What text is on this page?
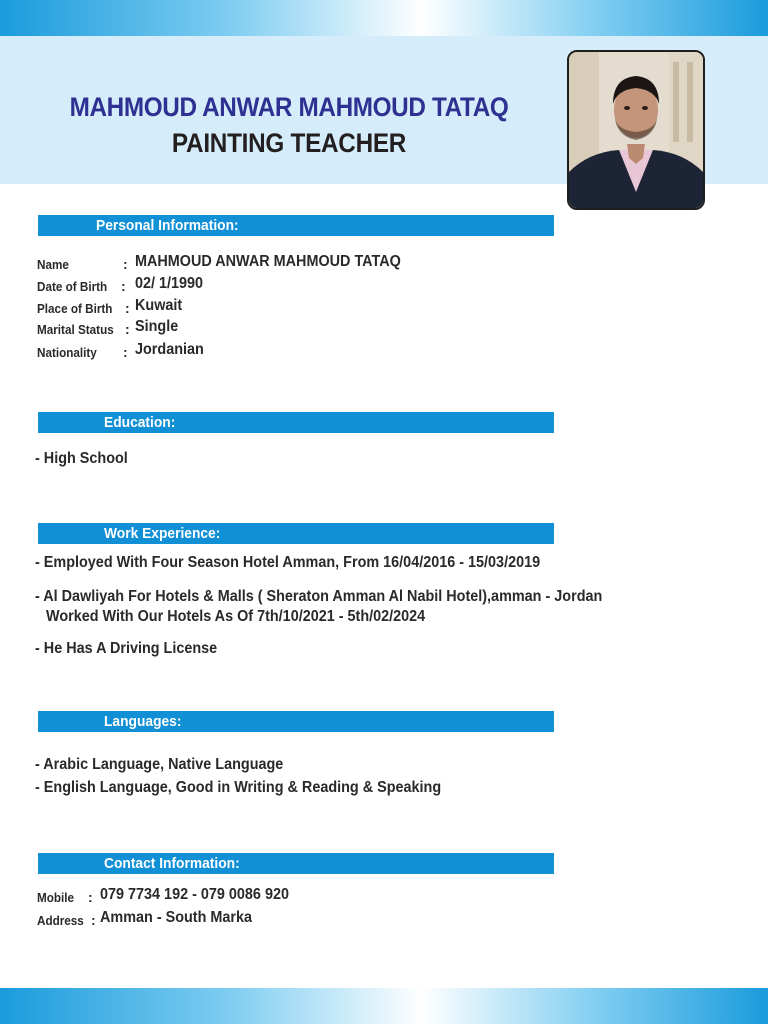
MAHMOUD ANWAR MAHMOUD TATAQ
PAINTING TEACHER
Personal Information:
Name	: MAHMOUD ANWAR MAHMOUD TATAQ
Date of Birth : 02/ 1/1990
Place of Birth : Kuwait
Marital Status : Single
Nationality : Jordanian
Education:
- High School
Work Experience:
- Employed With Four Season Hotel Amman, From 16/04/2016 - 15/03/2019
- Al Dawliyah For Hotels & Malls ( Sheraton Amman Al Nabil Hotel),amman - Jordan
Worked With Our Hotels As Of 7th/10/2021 - 5th/02/2024
- He Has A Driving License
Languages:
- Arabic Language, Native Language
- English Language, Good in Writing & Reading & Speaking
Contact Information:
Mobile : 079 7734 192 - 079 0086 920
Address : Amman - South Marka
